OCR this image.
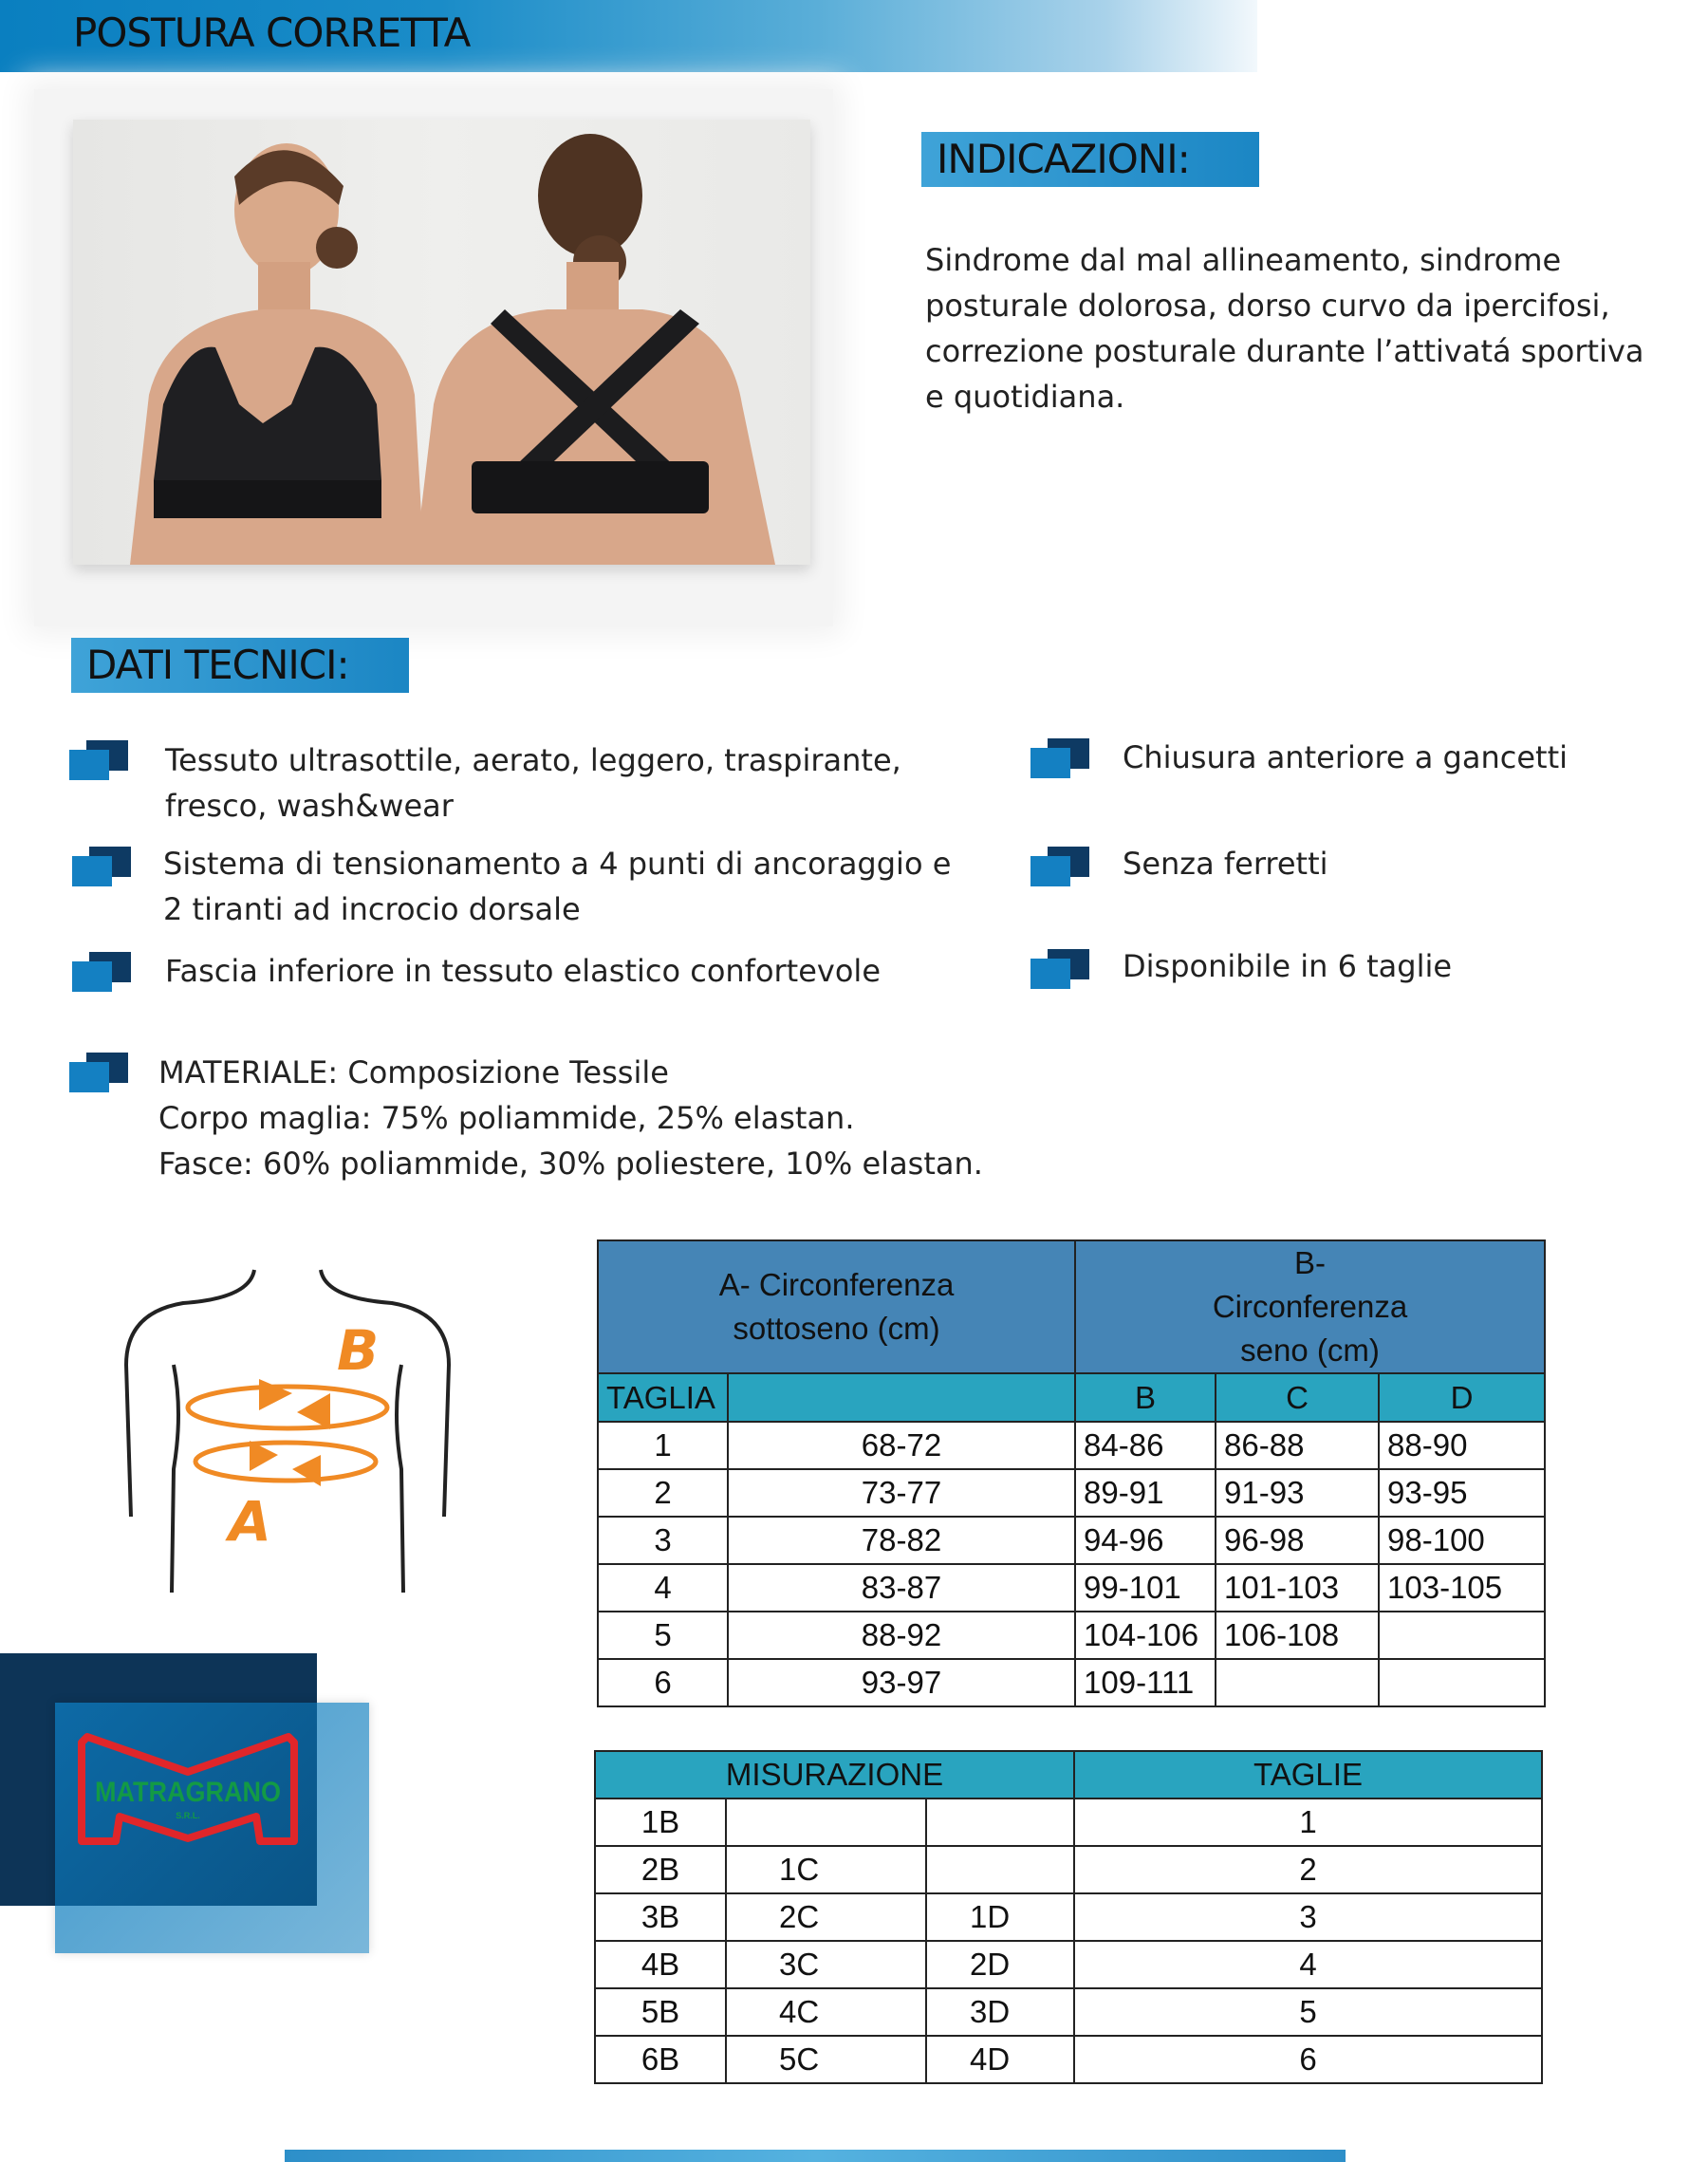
POSTURA CORRETTA
INDICAZIONI:
Sindrome dal mal allineamento, sindrome posturale dolorosa, dorso curvo da ipercifosi, correzione posturale durante l’attivatá sportiva e quotidiana.
DATI TECNICI:
Tessuto ultrasottile, aerato, leggero, traspirante,
fresco, wash&wear
Sistema di tensionamento a 4 punti di ancoraggio e
2 tiranti ad incrocio dorsale
Fascia inferiore in tessuto elastico confortevole
Chiusura anteriore a gancetti
Senza ferretti
Disponibile in 6 taglie
MATERIALE: Composizione Tessile
Corpo maglia: 75% poliammide, 25% elastan.
Fasce: 60% poliammide, 30% poliestere, 10% elastan.
B
A
A- Circonferenza sottoseno (cm)		B- Circonferenza seno (cm)		
TAGLIA		B	C	D
1	68-72	84-86	86-88	88-90
2	73-77	89-91	91-93	93-95
3	78-82	94-96	96-98	98-100
4	83-87	99-101	101-103	103-105
5	88-92	104-106	106-108	
6	93-97	109-111		
MISURAZIONE			TAGLIE
1B			1
2B	1C		2
3B	2C	1D	3
4B	3C	2D	4
5B	4C	3D	5
6B	5C	4D	6
MATRAGRANO
S.R.L.
